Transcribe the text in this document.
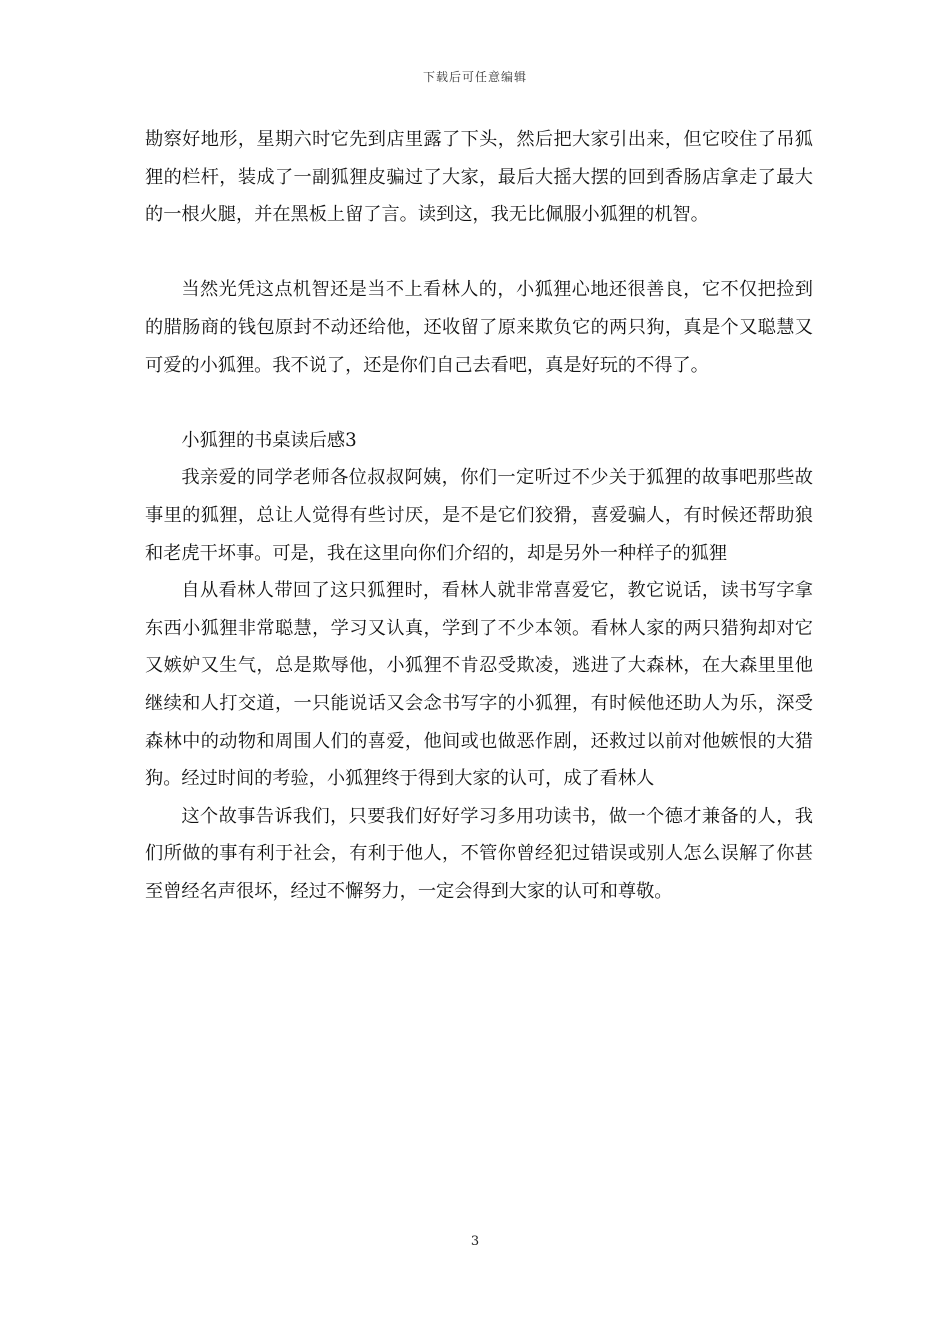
下载后可任意编辑

勘察好地形，星期六时它先到店里露了下头，然后把大家引出来，但它咬住了吊狐狸的栏杆，装成了一副狐狸皮骗过了大家，最后大摇大摆的回到香肠店拿走了最大的一根火腿，并在黑板上留了言。读到这，我无比佩服小狐狸的机智。

当然光凭这点机智还是当不上看林人的，小狐狸心地还很善良，它不仅把捡到的腊肠商的钱包原封不动还给他，还收留了原来欺负它的两只狗，真是个又聪慧又可爱的小狐狸。我不说了，还是你们自己去看吧，真是好玩的不得了。

小狐狸的书桌读后感3

我亲爱的同学老师各位叔叔阿姨，你们一定听过不少关于狐狸的故事吧那些故事里的狐狸，总让人觉得有些讨厌，是不是它们狡猾，喜爱骗人，有时候还帮助狼和老虎干坏事。可是，我在这里向你们介绍的，却是另外一种样子的狐狸

自从看林人带回了这只狐狸时，看林人就非常喜爱它，教它说话，读书写字拿东西小狐狸非常聪慧，学习又认真，学到了不少本领。看林人家的两只猎狗却对它又嫉妒又生气，总是欺辱他，小狐狸不肯忍受欺凌，逃进了大森林，在大森里里他继续和人打交道，一只能说话又会念书写字的小狐狸，有时候他还助人为乐，深受森林中的动物和周围人们的喜爱，他间或也做恶作剧，还救过以前对他嫉恨的大猎狗。经过时间的考验，小狐狸终于得到大家的认可，成了看林人

这个故事告诉我们，只要我们好好学习多用功读书，做一个德才兼备的人，我们所做的事有利于社会，有利于他人，不管你曾经犯过错误或别人怎么误解了你甚至曾经名声很坏，经过不懈努力，一定会得到大家的认可和尊敬。

3
